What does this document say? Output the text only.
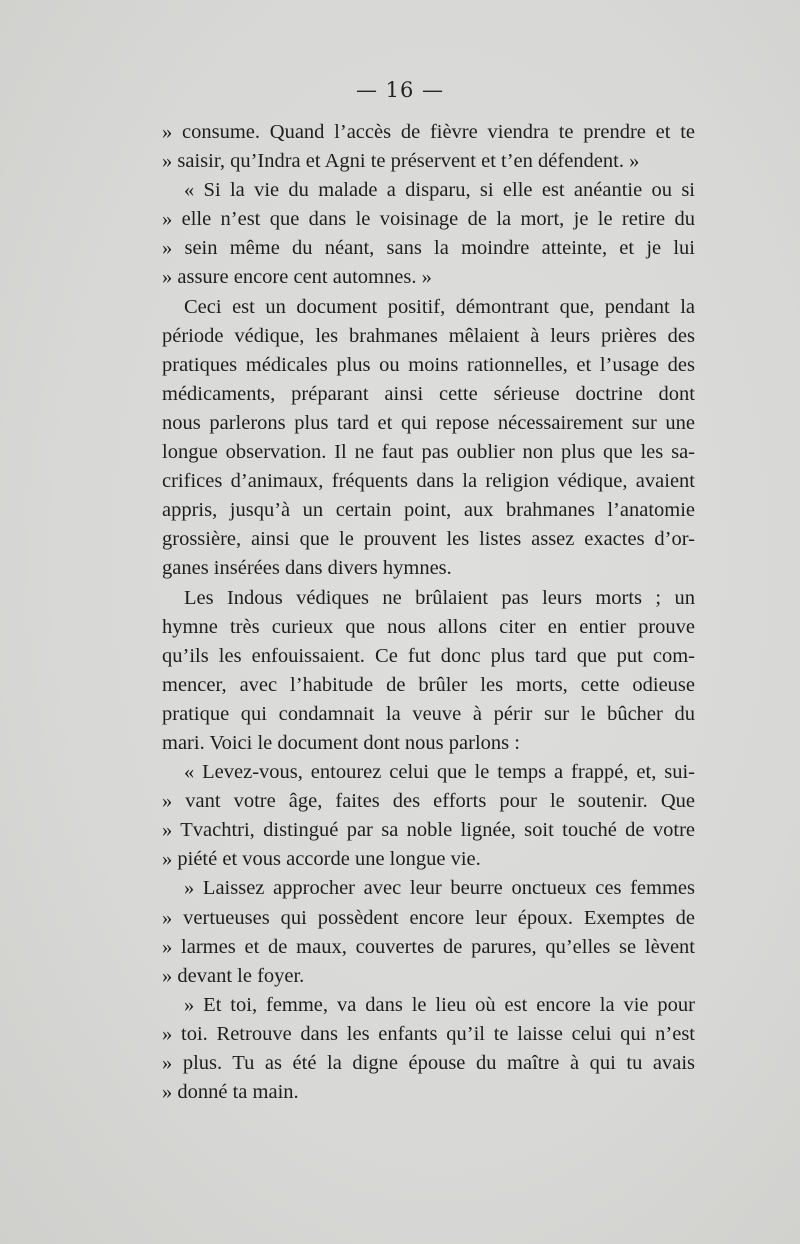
— 16 —
» consume. Quand l’accès de fièvre viendra te prendre et te
» saisir, qu’Indra et Agni te préservent et t’en défendent. »
« Si la vie du malade a disparu, si elle est anéantie ou si
» elle n’est que dans le voisinage de la mort, je le retire du
» sein même du néant, sans la moindre atteinte, et je lui
» assure encore cent automnes. »
Ceci est un document positif, démontrant que, pendant la
période védique, les brahmanes mêlaient à leurs prières des
pratiques médicales plus ou moins rationnelles, et l’usage des
médicaments, préparant ainsi cette sérieuse doctrine dont
nous parlerons plus tard et qui repose nécessairement sur une
longue observation. Il ne faut pas oublier non plus que les sa-
crifices d’animaux, fréquents dans la religion védique, avaient
appris, jusqu’à un certain point, aux brahmanes l’anatomie
grossière, ainsi que le prouvent les listes assez exactes d’or-
ganes insérées dans divers hymnes.
Les Indous védiques ne brûlaient pas leurs morts ; un
hymne très curieux que nous allons citer en entier prouve
qu’ils les enfouissaient. Ce fut donc plus tard que put com-
mencer, avec l’habitude de brûler les morts, cette odieuse
pratique qui condamnait la veuve à périr sur le bûcher du
mari. Voici le document dont nous parlons :
« Levez-vous, entourez celui que le temps a frappé, et, sui-
» vant votre âge, faites des efforts pour le soutenir. Que
» Tvachtri, distingué par sa noble lignée, soit touché de votre
» piété et vous accorde une longue vie.
» Laissez approcher avec leur beurre onctueux ces femmes
» vertueuses qui possèdent encore leur époux. Exemptes de
» larmes et de maux, couvertes de parures, qu’elles se lèvent
» devant le foyer.
» Et toi, femme, va dans le lieu où est encore la vie pour
» toi. Retrouve dans les enfants qu’il te laisse celui qui n’est
» plus. Tu as été la digne épouse du maître à qui tu avais
» donné ta main.
